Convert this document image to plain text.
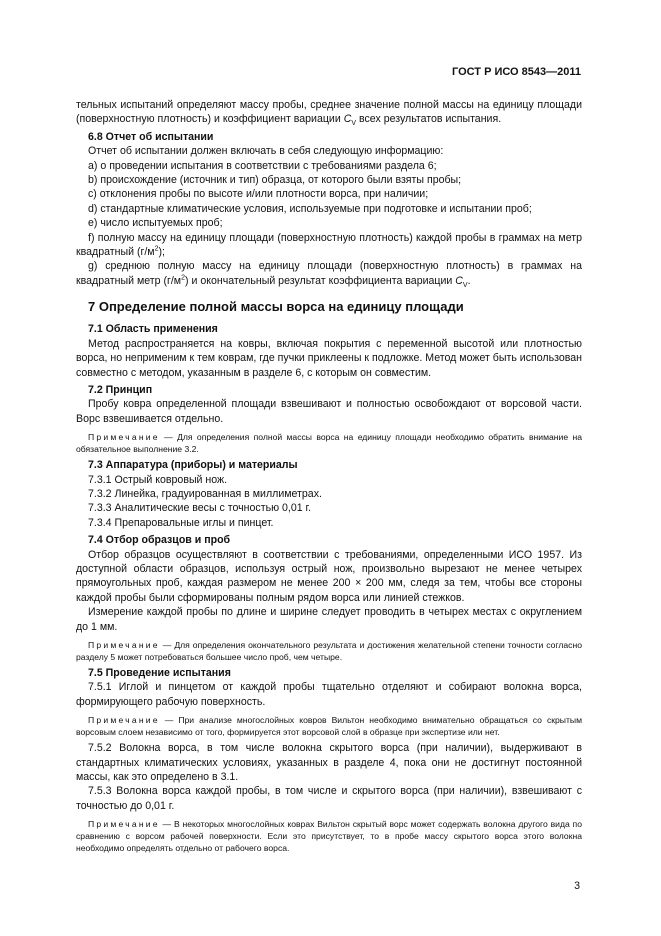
ГОСТ Р ИСО 8543—2011

тельных испытаний определяют массу пробы, среднее значение полной массы на единицу площади (поверхностную плотность) и коэффициент вариации $C_V$ всех результатов испытания.

6.8 Отчет об испытании

Отчет об испытании должен включать в себя следующую информацию:

a) о проведении испытания в соответствии с требованиями раздела 6;

b) происхождение (источник и тип) образца, от которого были взяты пробы;

c) отклонения пробы по высоте и/или плотности ворса, при наличии;

d) стандартные климатические условия, используемые при подготовке и испытании проб;

e) число испытуемых проб;

f) полную массу на единицу площади (поверхностную плотность) каждой пробы в граммах на метр квадратный $(г/м^2)$;

g) среднюю полную массу на единицу площади (поверхностную плотность) в граммах на квадратный метр $(г/м^2)$ и окончательный результат коэффициента вариации $C_V$.

7 Определение полной массы ворса на единицу площади
7.1 Область применения

Метод распространяется на ковры, включая покрытия с переменной высотой или плотностью ворса, но неприменим к тем коврам, где пучки приклеены к подложке. Метод может быть использован совместно с методом, указанным в разделе 6, с которым он совместим.

7.2 Принцип

Пробу ковра определенной площади взвешивают и полностью освобождают от ворсовой части. Ворс взвешивается отдельно.

Примечание — Для определения полной массы ворса на единицу площади необходимо обратить внимание на обязательное выполнение 3.2.

7.3 Аппаратура (приборы) и материалы

7.3.1 Острый ковровый нож.

7.3.2 Линейка, градуированная в миллиметрах.

7.3.3 Аналитические весы с точностью 0,01 г.

7.3.4 Препаровальные иглы и пинцет.

7.4 Отбор образцов и проб

Отбор образцов осуществляют в соответствии с требованиями, определенными ИСО 1957. Из доступной области образцов, используя острый нож, произвольно вырезают не менее четырех прямоугольных проб, каждая размером не менее 200 × 200 мм, следя за тем, чтобы все стороны каждой пробы были сформированы полным рядом ворса или линией стежков.

Измерение каждой пробы по длине и ширине следует проводить в четырех местах с округлением до 1 мм.

Примечание — Для определения окончательного результата и достижения желательной степени точности согласно разделу 5 может потребоваться большее число проб, чем четыре.

7.5 Проведение испытания

7.5.1 Иглой и пинцетом от каждой пробы тщательно отделяют и собирают волокна ворса, формирующего рабочую поверхность.

Примечание — При анализе многослойных ковров Вильтон необходимо внимательно обращаться со скрытым ворсовым слоем независимо от того, формируется этот ворсовой слой в образце при экспертизе или нет.

7.5.2 Волокна ворса, в том числе волокна скрытого ворса (при наличии), выдерживают в стандартных климатических условиях, указанных в разделе 4, пока они не достигнут постоянной массы, как это определено в 3.1.

7.5.3 Волокна ворса каждой пробы, в том числе и скрытого ворса (при наличии), взвешивают с точностью до 0,01 г.

Примечание — В некоторых многослойных коврах Вильтон скрытый ворс может содержать волокна другого вида по сравнению с ворсом рабочей поверхности. Если это присутствует, то в пробе массу скрытого ворса этого волокна необходимо определять отдельно от рабочего ворса.

3
